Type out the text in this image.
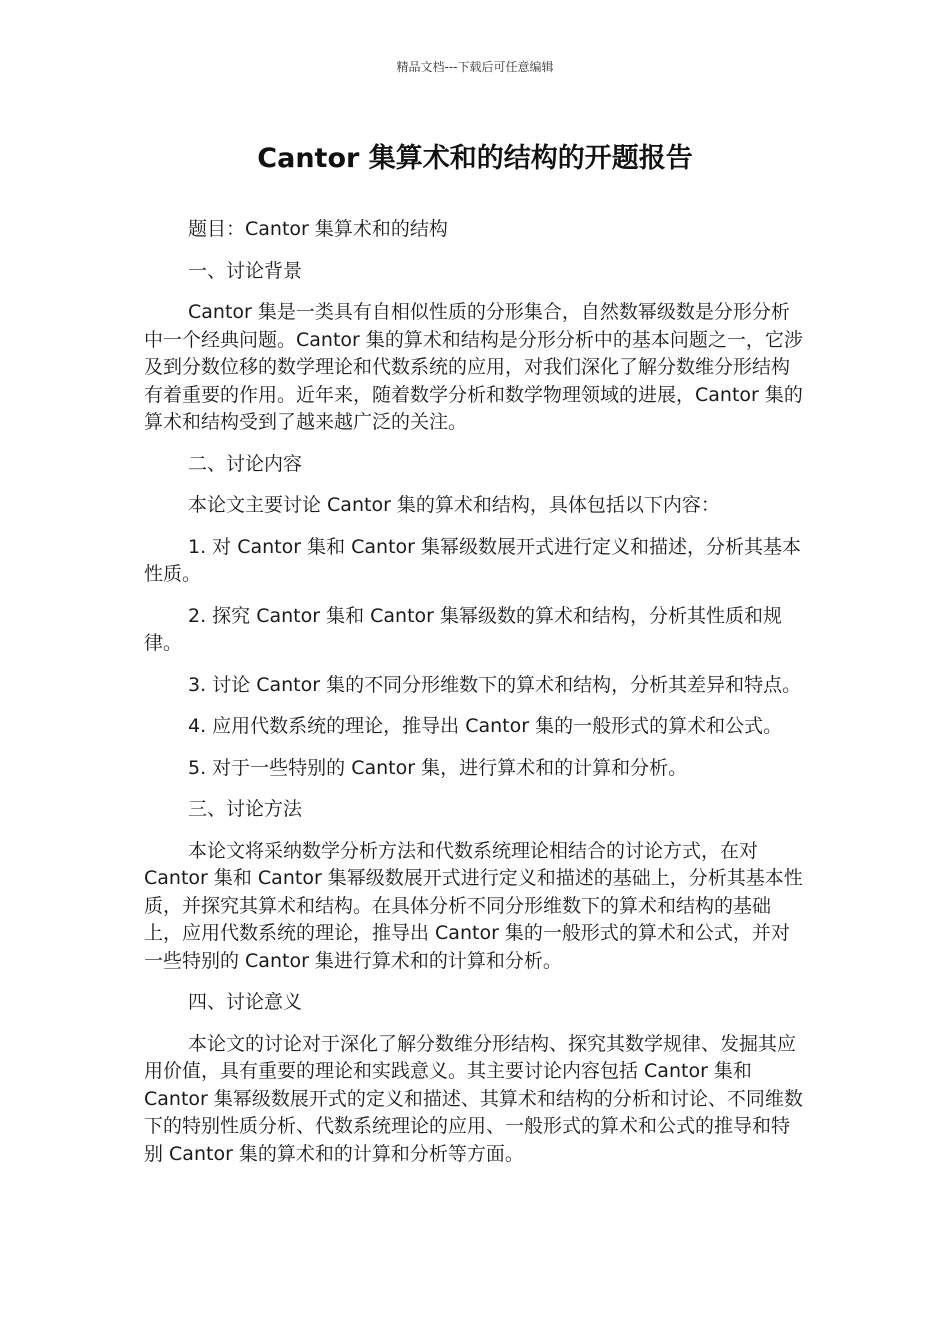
精品文档---下载后可任意编辑
Cantor 集算术和的结构的开题报告

题目：Cantor 集算术和的结构

一、讨论背景

Cantor 集是一类具有自相似性质的分形集合，自然数幂级数是分形分析中一个经典问题。Cantor 集的算术和结构是分形分析中的基本问题之一，它涉及到分数位移的数学理论和代数系统的应用，对我们深化了解分数维分形结构有着重要的作用。近年来，随着数学分析和数学物理领域的进展，Cantor 集的算术和结构受到了越来越广泛的关注。

二、讨论内容

本论文主要讨论 Cantor 集的算术和结构，具体包括以下内容：

1. 对 Cantor 集和 Cantor 集幂级数展开式进行定义和描述，分析其基本性质。

2. 探究 Cantor 集和 Cantor 集幂级数的算术和结构，分析其性质和规律。

3. 讨论 Cantor 集的不同分形维数下的算术和结构，分析其差异和特点。

4. 应用代数系统的理论，推导出 Cantor 集的一般形式的算术和公式。

5. 对于一些特别的 Cantor 集，进行算术和的计算和分析。

三、讨论方法

本论文将采纳数学分析方法和代数系统理论相结合的讨论方式，在对 Cantor 集和 Cantor 集幂级数展开式进行定义和描述的基础上，分析其基本性质，并探究其算术和结构。在具体分析不同分形维数下的算术和结构的基础上，应用代数系统的理论，推导出 Cantor 集的一般形式的算术和公式，并对一些特别的 Cantor 集进行算术和的计算和分析。

四、讨论意义

本论文的讨论对于深化了解分数维分形结构、探究其数学规律、发掘其应用价值，具有重要的理论和实践意义。其主要讨论内容包括 Cantor 集和 Cantor 集幂级数展开式的定义和描述、其算术和结构的分析和讨论、不同维数下的特别性质分析、代数系统理论的应用、一般形式的算术和公式的推导和特别 Cantor 集的算术和的计算和分析等方面。
